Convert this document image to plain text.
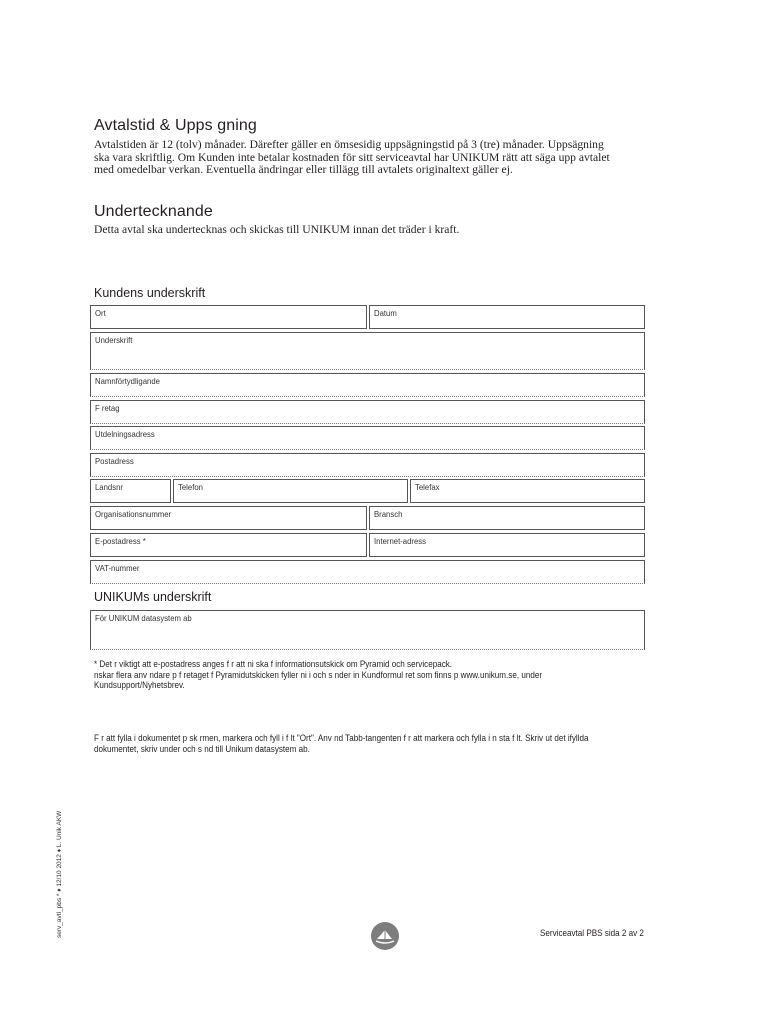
Avtalstid & Upps gning

Avtalstiden är 12 (tolv) månader. Därefter gäller en ömsesidig uppsägningstid på 3 (tre) månader. Uppsägning ska vara skriftlig. Om Kunden inte betalar kostnaden för sitt serviceavtal har UNIKUM rätt att säga upp avtalet med omedelbar verkan. Eventuella ändringar eller tillägg till avtalets originaltext gäller ej.

Undertecknande

Detta avtal ska undertecknas och skickas till UNIKUM innan det träder i kraft.

Kundens underskrift
Ort	Datum
Underskrift
Namnförtydligande
F retag
Utdelningsadress
Postadress
Landsnr	Telefon	Telefax
Organisationsnummer	Bransch
E-postadress *	Internet-adress
VAT-nummer
UNIKUMs underskrift
För UNIKUM datasystem ab

* Det r viktigt att e-postadress anges f r att ni ska f informationsutskick om Pyramid och servicepack.
nskar flera anv ndare p f retaget f Pyramidutskicken fyller ni i och s nder in Kundformul ret som finns p www.unikum.se, under Kundsupport/Nyhetsbrev.

F r att fylla i dokumentet p sk rmen, markera och fyll i f lt "Ort". Anv nd Tabb-tangenten f r att markera och fylla i n sta f lt. Skriv ut det ifyllda dokumentet, skriv under och s nd till Unikum datasystem ab.

serv_avtl_pbs * ♦ 12/10 2012 ♦ L. Unik AKW	Serviceavtal PBS sida 2 av 2
